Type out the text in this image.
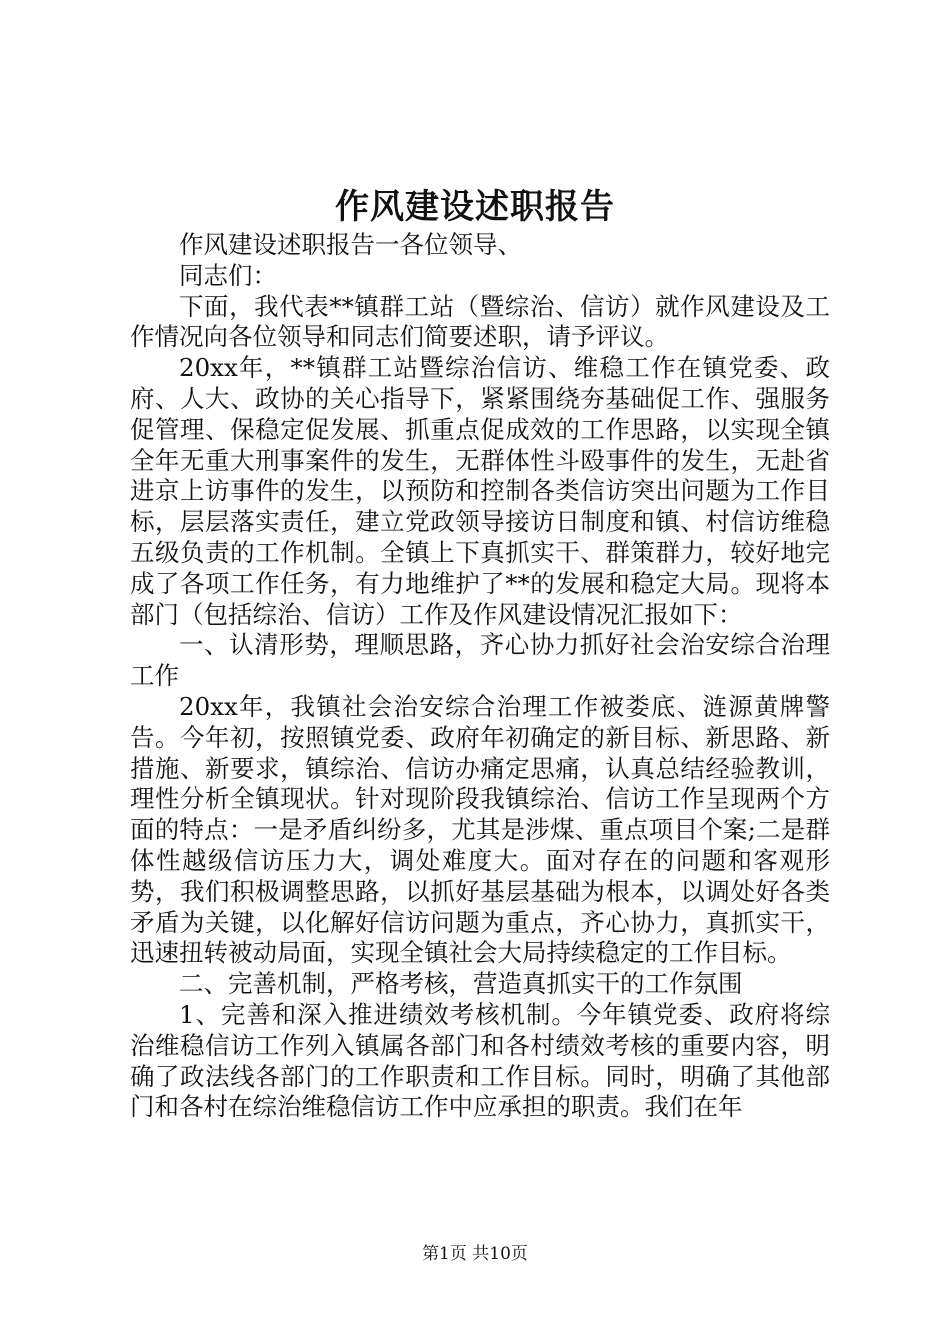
作风建设述职报告

作风建设述职报告一各位领导、

同志们：

下面，我代表**镇群工站（暨综治、信访）就作风建设及工作情况向各位领导和同志们简要述职，请予评议。

20xx年，**镇群工站暨综治信访、维稳工作在镇党委、政府、人大、政协的关心指导下，紧紧围绕夯基础促工作、强服务促管理、保稳定促发展、抓重点促成效的工作思路，以实现全镇全年无重大刑事案件的发生，无群体性斗殴事件的发生，无赴省进京上访事件的发生，以预防和控制各类信访突出问题为工作目标，层层落实责任，建立党政领导接访日制度和镇、村信访维稳五级负责的工作机制。全镇上下真抓实干、群策群力，较好地完成了各项工作任务，有力地维护了**的发展和稳定大局。现将本部门（包括综治、信访）工作及作风建设情况汇报如下：

一、认清形势，理顺思路，齐心协力抓好社会治安综合治理工作

20xx年，我镇社会治安综合治理工作被娄底、涟源黄牌警告。今年初，按照镇党委、政府年初确定的新目标、新思路、新措施、新要求，镇综治、信访办痛定思痛，认真总结经验教训，理性分析全镇现状。针对现阶段我镇综治、信访工作呈现两个方面的特点：一是矛盾纠纷多，尤其是涉煤、重点项目个案;二是群体性越级信访压力大，调处难度大。面对存在的问题和客观形势，我们积极调整思路，以抓好基层基础为根本，以调处好各类矛盾为关键，以化解好信访问题为重点，齐心协力，真抓实干，迅速扭转被动局面，实现全镇社会大局持续稳定的工作目标。

二、完善机制，严格考核，营造真抓实干的工作氛围

1、完善和深入推进绩效考核机制。今年镇党委、政府将综治维稳信访工作列入镇属各部门和各村绩效考核的重要内容，明确了政法线各部门的工作职责和工作目标。同时，明确了其他部门和各村在综治维稳信访工作中应承担的职责。我们在年

第1页 共10页
